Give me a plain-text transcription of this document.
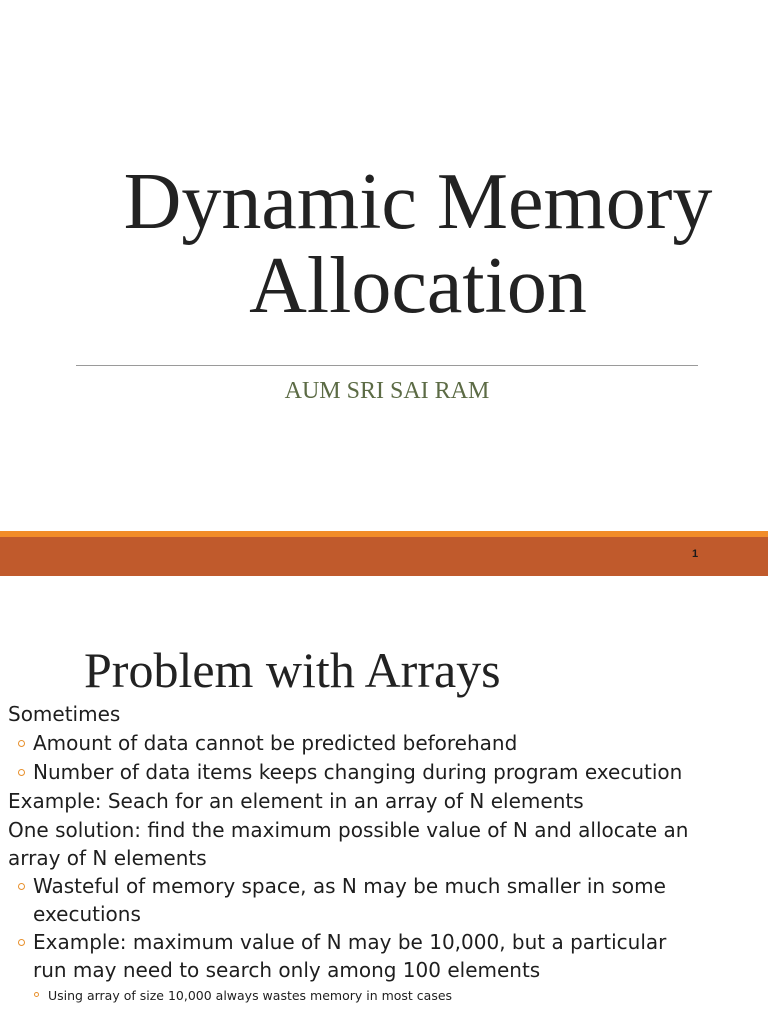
Dynamic Memory
Allocation
AUM SRI SAI RAM
1
Problem with Arrays

Sometimes

Amount of data cannot be predicted beforehand

Number of data items keeps changing during program execution

Example: Seach for an element in an array of N elements

One solution: find the maximum possible value of N and allocate an array of N elements

Wasteful of memory space, as N may be much smaller in some executions

Example: maximum value of N may be 10,000, but a particular run may need to search only among 100 elements

Using array of size 10,000 always wastes memory in most cases
